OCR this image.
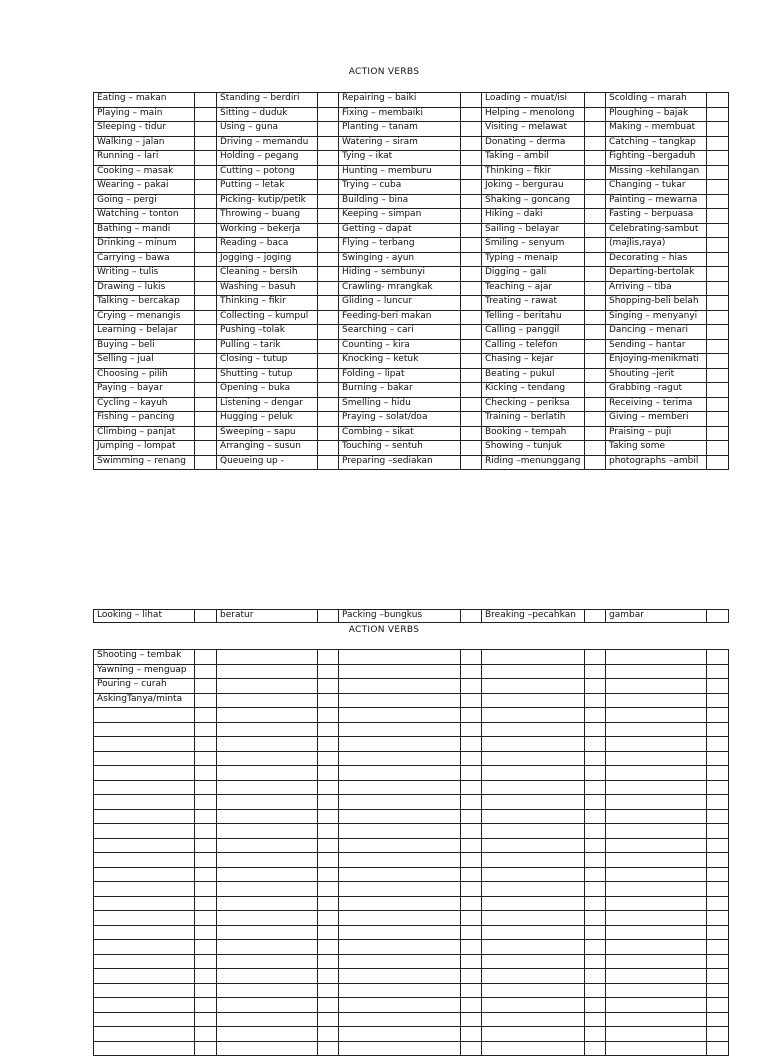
ACTION VERBS
Eating – makan		Standing – berdiri		Repairing – baiki		Loading – muat/isi		Scolding – marah	
Playing – main		Sitting – duduk		Fixing – membaiki		Helping – menolong		Ploughing – bajak	
Sleeping - tidur		Using – guna		Planting – tanam		Visiting – melawat		Making – membuat	
Walking – jalan		Driving – memandu		Watering – siram		Donating – derma		Catching – tangkap	
Running – lari		Holding – pegang		Tying – ikat		Taking – ambil		Fighting –bergaduh	
Cooking – masak		Cutting – potong		Hunting – memburu		Thinking – fikir		Missing –kehilangan	
Wearing – pakai		Putting – letak		Trying – cuba		Joking – bergurau		Changing – tukar	
Going – pergi		Picking- kutip/petik		Building – bina		Shaking – goncang		Painting – mewarna	
Watching – tonton		Throwing – buang		Keeping – simpan		Hiking – daki		Fasting – berpuasa	
Bathing – mandi		Working – bekerja		Getting – dapat		Sailing – belayar		Celebrating-sambut	
Drinking – minum		Reading – baca		Flying – terbang		Smiling – senyum		(majlis,raya)	
Carrying – bawa		Jogging – joging		Swinging - ayun		Typing – menaip		Decorating – hias	
Writing – tulis		Cleaning – bersih		Hiding – sembunyi		Digging – gali		Departing-bertolak	
Drawing – lukis		Washing – basuh		Crawling- mrangkak		Teaching – ajar		Arriving – tiba	
Talking – bercakap		Thinking – fikir		Gliding – luncur		Treating – rawat		Shopping-beli belah	
Crying – menangis		Collecting – kumpul		Feeding-beri makan		Telling – beritahu		Singing – menyanyi	
Learning – belajar		Pushing –tolak		Searching – cari		Calling – panggil		Dancing – menari	
Buying – beli		Pulling – tarik		Counting – kira		Calling – telefon		Sending – hantar	
Selling – jual		Closing – tutup		Knocking – ketuk		Chasing – kejar		Enjoying-menikmati	
Choosing – pilih		Shutting – tutup		Folding – lipat		Beating – pukul		Shouting –jerit	
Paying – bayar		Opening – buka		Burning – bakar		Kicking – tendang		Grabbing –ragut	
Cycling – kayuh		Listening – dengar		Smelling – hidu		Checking – periksa		Receiving – terima	
Fishing – pancing		Hugging – peluk		Praying – solat/doa		Training – berlatih		Giving – memberi	
Climbing – panjat		Sweeping – sapu		Combing – sikat		Booking – tempah		Praising – puji	
Jumping – lompat		Arranging – susun		Touching – sentuh		Showing – tunjuk		Taking some	
Swimming – renang		Queueing up -		Preparing –sediakan		Riding –menunggang		photographs –ambil	
Looking – lihat		beratur		Packing –bungkus		Breaking –pecahkan		gambar	
ACTION VERBS
Shooting – tembak									
Yawning – menguap									
Pouring – curah									
AskingTanya/minta									
